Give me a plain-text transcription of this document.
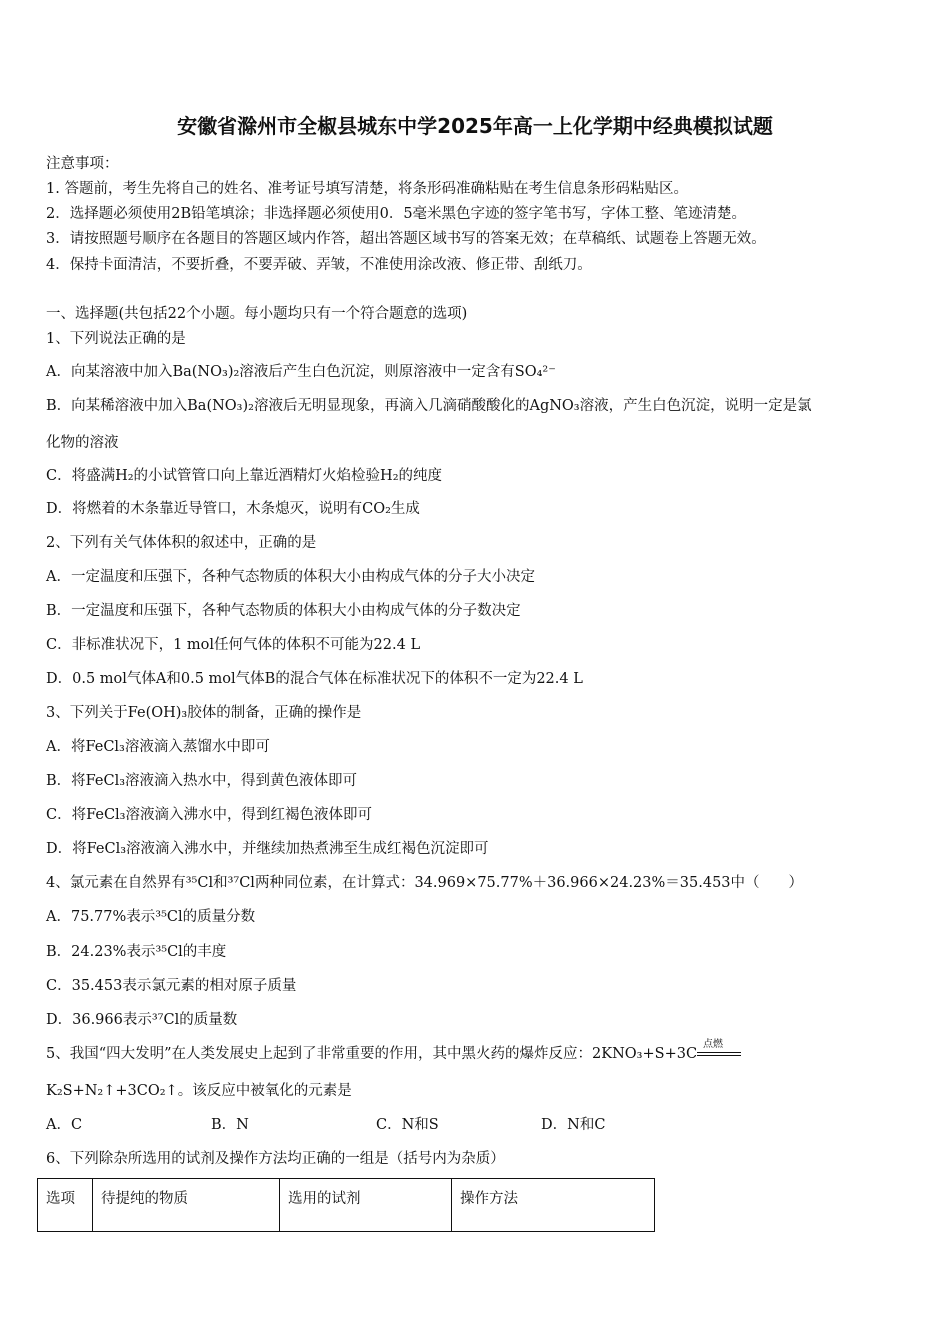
安徽省滁州市全椒县城东中学2025年高一上化学期中经典模拟试题
注意事项：
1. 答题前，考生先将自己的姓名、准考证号填写清楚，将条形码准确粘贴在考生信息条形码粘贴区。
2．选择题必须使用2B铅笔填涂；非选择题必须使用0．5毫米黑色字迹的签字笔书写，字体工整、笔迹清楚。
3．请按照题号顺序在各题目的答题区域内作答，超出答题区域书写的答案无效；在草稿纸、试题卷上答题无效。
4．保持卡面清洁，不要折叠，不要弄破、弄皱，不准使用涂改液、修正带、刮纸刀。
一、选择题(共包括22个小题。每小题均只有一个符合题意的选项)
1、下列说法正确的是
A．向某溶液中加入Ba(NO₃)₂溶液后产生白色沉淀，则原溶液中一定含有SO₄²⁻
B．向某稀溶液中加入Ba(NO₃)₂溶液后无明显现象，再滴入几滴硝酸酸化的AgNO₃溶液，产生白色沉淀，说明一定是氯
化物的溶液
C．将盛满H₂的小试管管口向上靠近酒精灯火焰检验H₂的纯度
D．将燃着的木条靠近导管口，木条熄灭，说明有CO₂生成
2、下列有关气体体积的叙述中，正确的是
A．一定温度和压强下，各种气态物质的体积大小由构成气体的分子大小决定
B．一定温度和压强下，各种气态物质的体积大小由构成气体的分子数决定
C．非标准状况下，1 mol任何气体的体积不可能为22.4 L
D．0.5 mol气体A和0.5 mol气体B的混合气体在标准状况下的体积不一定为22.4 L
3、下列关于Fe(OH)₃胶体的制备，正确的操作是
A．将FeCl₃溶液滴入蒸馏水中即可
B．将FeCl₃溶液滴入热水中，得到黄色液体即可
C．将FeCl₃溶液滴入沸水中，得到红褐色液体即可
D．将FeCl₃溶液滴入沸水中，并继续加热煮沸至生成红褐色沉淀即可
4、氯元素在自然界有³⁵Cl和³⁷Cl两种同位素，在计算式：34.969×75.77%＋36.966×24.23%＝35.453中（　　）
A．75.77%表示³⁵Cl的质量分数
B．24.23%表示³⁵Cl的丰度
C．35.453表示氯元素的相对原子质量
D．36.966表示³⁷Cl的质量数
5、我国“四大发明”在人类发展史上起到了非常重要的作用，其中黑火药的爆炸反应：2KNO₃+S+3C
点燃
K₂S+N₂↑+3CO₂↑。该反应中被氧化的元素是
A．C	B．N	C．N和S	D．N和C
6、下列除杂所选用的试剂及操作方法均正确的一组是（括号内为杂质）
选项	待提纯的物质	选用的试剂	操作方法
